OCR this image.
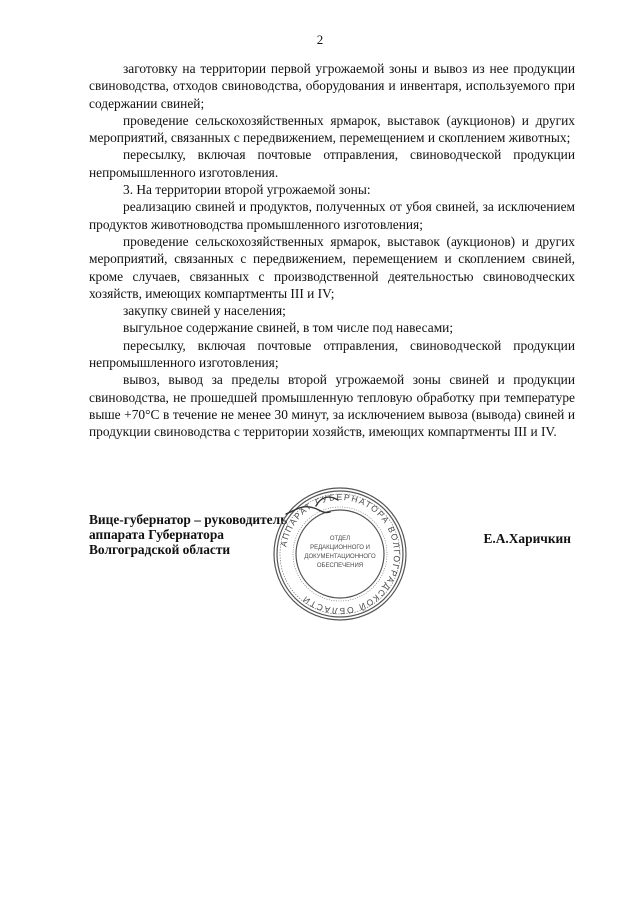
2

заготовку на территории первой угрожаемой зоны и вывоз из нее продукции свиноводства, отходов свиноводства, оборудования и инвентаря, используемого при содержании свиней;

проведение сельскохозяйственных ярмарок, выставок (аукционов) и других мероприятий, связанных с передвижением, перемещением и скоплением животных;

пересылку, включая почтовые отправления, свиноводческой продукции непромышленного изготовления.

3. На территории второй угрожаемой зоны:

реализацию свиней и продуктов, полученных от убоя свиней, за исключением продуктов животноводства промышленного изготовления;

проведение сельскохозяйственных ярмарок, выставок (аукционов) и других мероприятий, связанных с передвижением, перемещением и скоплением свиней, кроме случаев, связанных с производственной деятельностью свиноводческих хозяйств, имеющих компартменты III и IV;

закупку свиней у населения;

выгульное содержание свиней, в том числе под навесами;

пересылку, включая почтовые отправления, свиноводческой продукции непромышленного изготовления;

вывоз, вывод за пределы второй угрожаемой зоны свиней и продукции свиноводства, не прошедшей промышленную тепловую обработку при температуре выше +70°С в течение не менее 30 минут, за исключением вывоза (вывода) свиней и продукции свиноводства с территории хозяйств, имеющих компартменты III и IV.

Вице-губернатор – руководитель
аппарата Губернатора
Волгоградской области
Е.А.Харичкин
АППАРАТ ГУБЕРНАТОРА ВОЛГОГРАДСКОЙ ОБЛАСТИ
ОТДЕЛ
РЕДАКЦИОННОГО И
ДОКУМЕНТАЦИОННОГО
ОБЕСПЕЧЕНИЯ
